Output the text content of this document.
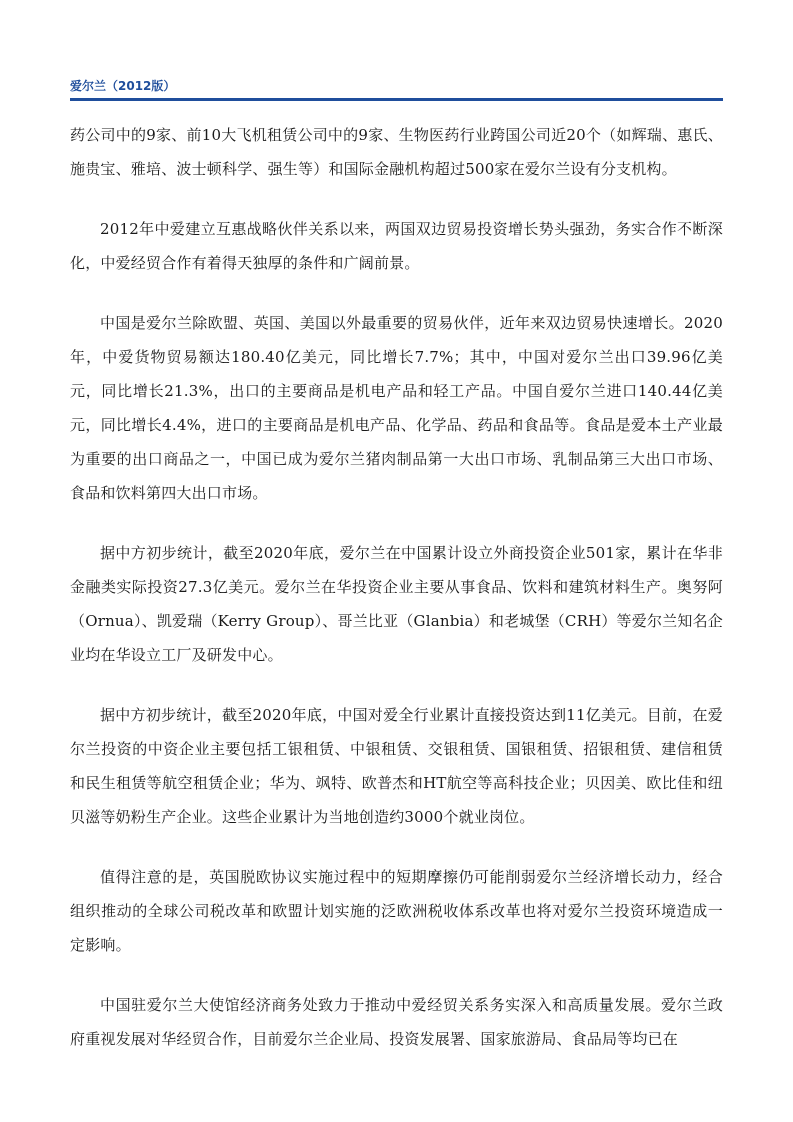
爱尔兰（2012版）

药公司中的9家、前10大飞机租赁公司中的9家、生物医药行业跨国公司近20个（如辉瑞、惠氏、施贵宝、雅培、波士顿科学、强生等）和国际金融机构超过500家在爱尔兰设有分支机构。

2012年中爱建立互惠战略伙伴关系以来，两国双边贸易投资增长势头强劲，务实合作不断深化，中爱经贸合作有着得天独厚的条件和广阔前景。

中国是爱尔兰除欧盟、英国、美国以外最重要的贸易伙伴，近年来双边贸易快速增长。2020年，中爱货物贸易额达180.40亿美元，同比增长7.7%；其中，中国对爱尔兰出口39.96亿美元，同比增长21.3%，出口的主要商品是机电产品和轻工产品。中国自爱尔兰进口140.44亿美元，同比增长4.4%，进口的主要商品是机电产品、化学品、药品和食品等。食品是爱本土产业最为重要的出口商品之一，中国已成为爱尔兰猪肉制品第一大出口市场、乳制品第三大出口市场、食品和饮料第四大出口市场。

据中方初步统计，截至2020年底，爱尔兰在中国累计设立外商投资企业501家，累计在华非金融类实际投资27.3亿美元。爱尔兰在华投资企业主要从事食品、饮料和建筑材料生产。奥努阿（Ornua）、凯爱瑞（Kerry Group）、哥兰比亚（Glanbia）和老城堡（CRH）等爱尔兰知名企业均在华设立工厂及研发中心。

据中方初步统计，截至2020年底，中国对爱全行业累计直接投资达到11亿美元。目前，在爱尔兰投资的中资企业主要包括工银租赁、中银租赁、交银租赁、国银租赁、招银租赁、建信租赁和民生租赁等航空租赁企业；华为、飒特、欧普杰和HT航空等高科技企业；贝因美、欧比佳和纽贝滋等奶粉生产企业。这些企业累计为当地创造约3000个就业岗位。

值得注意的是，英国脱欧协议实施过程中的短期摩擦仍可能削弱爱尔兰经济增长动力，经合组织推动的全球公司税改革和欧盟计划实施的泛欧洲税收体系改革也将对爱尔兰投资环境造成一定影响。

中国驻爱尔兰大使馆经济商务处致力于推动中爱经贸关系务实深入和高质量发展。爱尔兰政府重视发展对华经贸合作，目前爱尔兰企业局、投资发展署、国家旅游局、食品局等均已在
